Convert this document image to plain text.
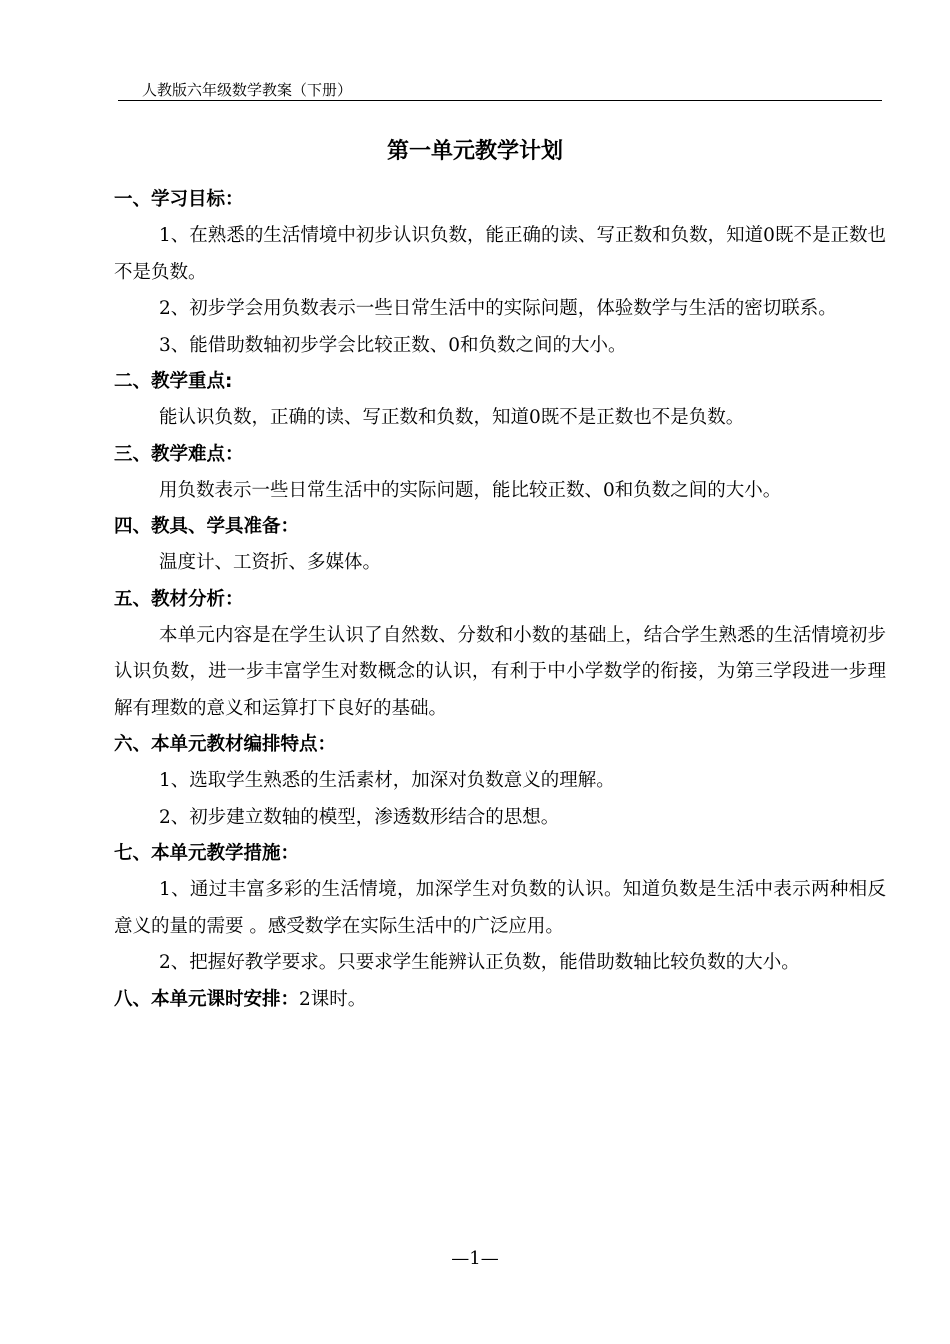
人教版六年级数学教案（下册）
第一单元教学计划
一、学习目标：
1、在熟悉的生活情境中初步认识负数，能正确的读、写正数和负数，知道0既不是正数也不是负数。
2、初步学会用负数表示一些日常生活中的实际问题，体验数学与生活的密切联系。
3、能借助数轴初步学会比较正数、0和负数之间的大小。
二、教学重点:
能认识负数，正确的读、写正数和负数，知道0既不是正数也不是负数。
三、教学难点：
用负数表示一些日常生活中的实际问题，能比较正数、0和负数之间的大小。
四、教具、学具准备：
温度计、工资折、多媒体。
五、教材分析：
本单元内容是在学生认识了自然数、分数和小数的基础上，结合学生熟悉的生活情境初步认识负数，进一步丰富学生对数概念的认识，有利于中小学数学的衔接，为第三学段进一步理解有理数的意义和运算打下良好的基础。
六、本单元教材编排特点：
1、选取学生熟悉的生活素材，加深对负数意义的理解。
2、初步建立数轴的模型，渗透数形结合的思想。
七、本单元教学措施：
1、通过丰富多彩的生活情境，加深学生对负数的认识。知道负数是生活中表示两种相反意义的量的需要 。感受数学在实际生活中的广泛应用。
2、把握好教学要求。只要求学生能辨认正负数，能借助数轴比较负数的大小。
八、本单元课时安排：2课时。
—1—
